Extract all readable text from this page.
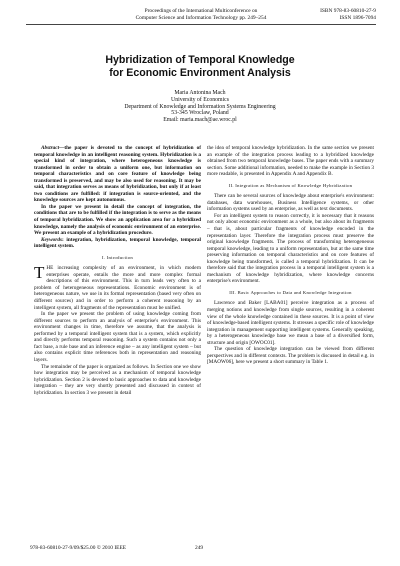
Proceedings of the International Multiconference on
Computer Science and Information Technology pp. 249–254
ISBN 978-83-60810-27-9
ISSN 1896-7094
Hybridization of Temporal Knowledge
for Economic Environment Analysis
Maria Antonina Mach
University of Economics
Department of Knowledge and Information Systems Engineering
53-345 Wroclaw, Poland
Email: maria.mach@ae.wroc.pl

Abstract—the paper is devoted to the concept of hybridization of temporal knowledge in an intelligent reasoning system. Hybridization is a special kind of integration, where heterogeneous knowledge is transformed in order to obtain a uniform one, but information on temporal characteristics and on core feature of knowledge being transformed is preserved, and may be also used for reasoning. It may be said, that integration serves as means of hybridization, but only if at least two conditions are fulfilled: if integration is source-oriented, and the knowledge sources are kept autonomous.

In the paper we present in detail the concept of integration, the conditions that are to be fulfilled if the integration is to serve as the means of temporal hybridization. We show an application area for a hybridized knowledge, namely the analysis of economic environment of an enterprise. We present an example of a hybridization procedure.

Keywords: integration, hybridization, temporal knowledge, temporal intelligent system.

I. Introduction

THE increasing complexity of an environment, in which modern enterprises operate, entails the more and more complex formal descriptions of this environment. This in turn leads very often to a problem of heterogeneous representations. Economic environment is of heterogeneous nature, we use in its formal representation (based very often on different sources) and in order to perform a coherent reasoning by an intelligent system, all fragments of the representation must be unified.

In the paper we present the problem of using knowledge coming from different sources to perform an analysis of enterprise's environment. This environment changes in time, therefore we assume, that the analysis is performed by a temporal intelligent system that is a system, which explicitly and directly performs temporal reasoning. Such a system contains not only a fact base, a rule base and an inference engine – as any intelligent system – but also contains explicit time references both in representation and reasoning layers.

The remainder of the paper is organized as follows. In Section one we show how integration may be perceived as a mechanism of temporal knowledge hybridization. Section 2 is devoted to basic approaches to data and knowledge integration – they are very shortly presented and discussed in context of hybridization. In section 3 we present in detail

the idea of temporal knowledge hybridization. In the same section we present an example of the integration process leading to a hybridized knowledge obtained from two temporal knowledge bases. The paper ends with a summary section. Some additional information, needed to make the example in Section 3 more readable, is presented in Appendix A and Appendix B.

II. Integration as Mechanism of Knowledge Hybridization

There can be several sources of knowledge about enterprise's environment: databases, data warehouses, Business Intelligence systems, or other information systems used by an enterprise, as well as text documents.

For an intelligent system to reason correctly, it is necessary that it reasons not only about economic environment as a whole, but also about its fragments – that is, about particular fragments of knowledge encoded in the representation layer. Therefore the integration process must preserve the original knowledge fragments. The process of transforming heterogeneous temporal knowledge, leading to a uniform representation, but at the same time preserving information on temporal characteristics and on core features of knowledge being transformed, is called a temporal hybridization. It can be therefore said that the integration process in a temporal intelligent system is a mechanism of knowledge hybridization, where knowledge concerns enterprise's environment.

III. Basic Approaches to Data and Knowledge Integration

Lawrence and Baker [LABA01] perceive integration as a process of merging notions and knowledge from single sources, resulting in a coherent view of the whole knowledge contained in these sources. It is a point of view of knowledge-based intelligent systems. It stresses a specific role of knowledge integration in management supporting intelligent systems. Generally speaking, by a heterogeneous knowledge base we mean a base of a diversified form, structure and origin [OWOC01].

The question of knowledge integration can be viewed from different perspectives and in different contexts. The problem is discussed in detail e.g. in [MAOW06], here we present a short summary in Table 1.

978-83-60810-27-9/09/$25.00 © 2010 IEEE	249
